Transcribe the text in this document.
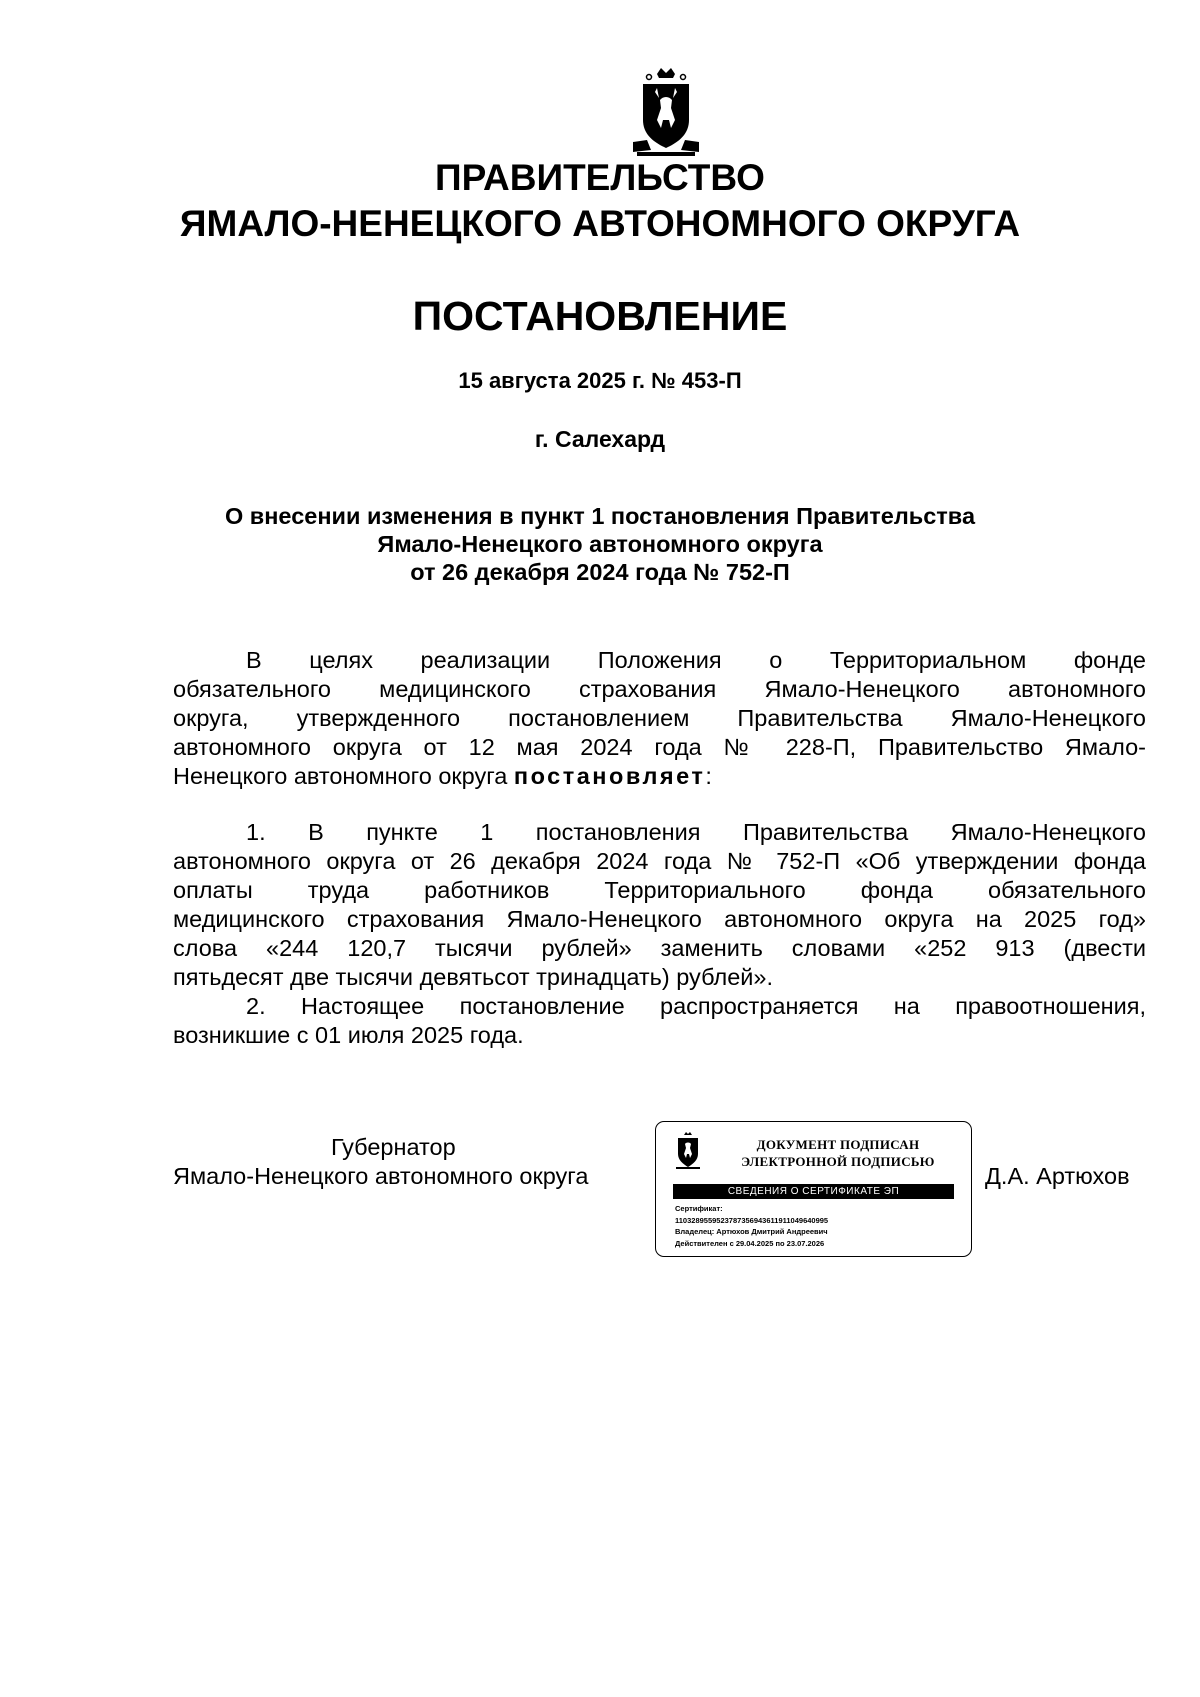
ПРАВИТЕЛЬСТВО
ЯМАЛО-НЕНЕЦКОГО АВТОНОМНОГО ОКРУГА
ПОСТАНОВЛЕНИЕ
15 августа 2025 г. № 453-П
г. Салехард
О внесении изменения в пункт 1 постановления Правительства
Ямало-Ненецкого автономного округа
от 26 декабря 2024 года № 752-П
В целях реализации Положения о Территориальном фонде
обязательного медицинского страхования Ямало-Ненецкого автономного
округа, утвержденного постановлением Правительства Ямало-Ненецкого
автономного округа от 12 мая 2024 года № 228-П, Правительство Ямало-
Ненецкого автономного округа постановляет:
1. В пункте 1 постановления Правительства Ямало-Ненецкого
автономного округа от 26 декабря 2024 года № 752-П «Об утверждении фонда
оплаты труда работников Территориального фонда обязательного
медицинского страхования Ямало-Ненецкого автономного округа на 2025 год»
слова «244 120,7 тысячи рублей» заменить словами «252 913 (двести
пятьдесят две тысячи девятьсот тринадцать) рублей».
2. Настоящее постановление распространяется на правоотношения,
возникшие с 01 июля 2025 года.
Губернатор
Ямало-Ненецкого автономного округа
ДОКУМЕНТ ПОДПИСАН
ЭЛЕКТРОННОЙ ПОДПИСЬЮ
СВЕДЕНИЯ О СЕРТИФИКАТЕ ЭП
Сертификат:
1103289559523787356943611911049640995
Владелец: Артюхов Дмитрий Андреевич
Действителен с 29.04.2025 по 23.07.2026
Д.А. Артюхов
